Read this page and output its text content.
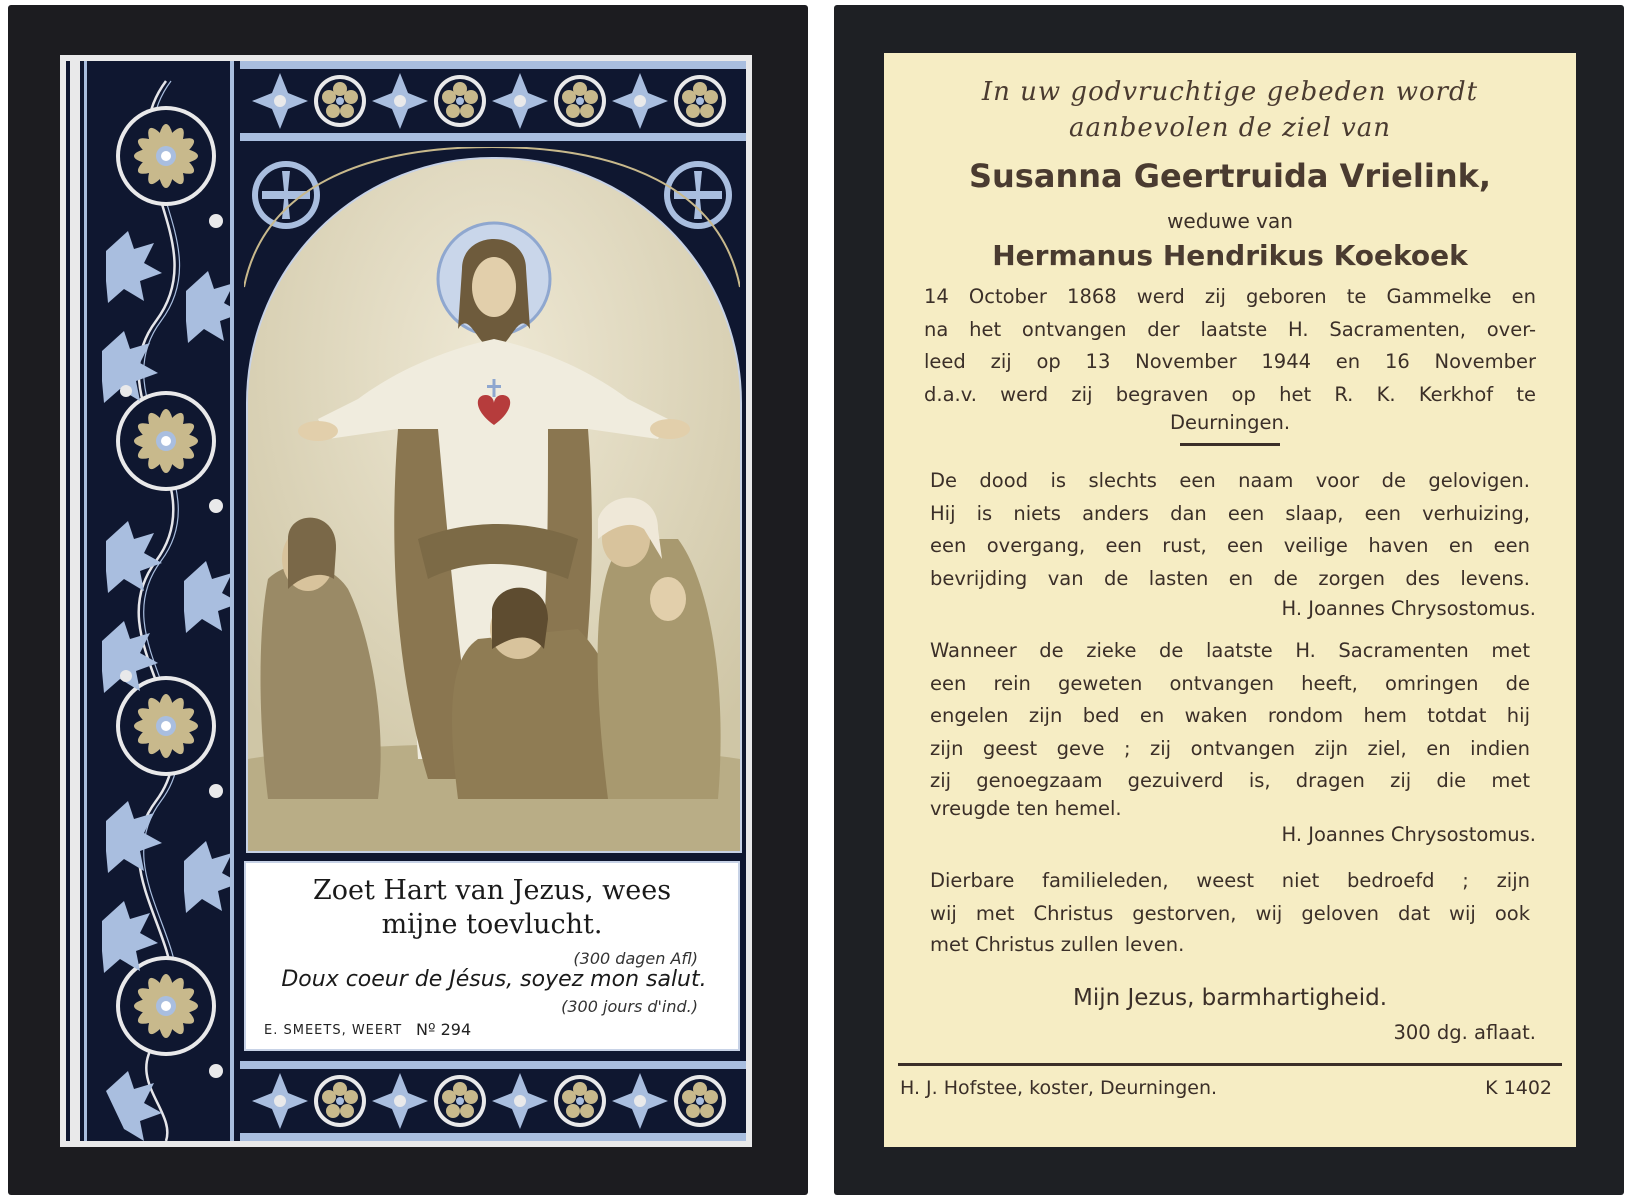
Zoet Hart van Jezus, wees
mijne toevlucht.
(300 dagen Afl)
Doux coeur de Jésus, soyez mon salut.
(300 jours d'ind.)
E. SMEETS, WEERT Nº 294
In uw godvruchtige gebeden wordt
aanbevolen de ziel van
Susanna Geertruida Vrielink,
weduwe van
Hermanus Hendrikus Koekoek
14 October 1868 werd zij geboren te Gammelke en
na het ontvangen der laatste H. Sacramenten, over-
leed zij op 13 November 1944 en 16 November
d.a.v. werd zij begraven op het R. K. Kerkhof te
Deurningen.
De dood is slechts een naam voor de gelovigen.
Hij is niets anders dan een slaap, een verhuizing,
een overgang, een rust, een veilige haven en een
bevrijding van de lasten en de zorgen des levens.
H. Joannes Chrysostomus.
Wanneer de zieke de laatste H. Sacramenten met
een rein geweten ontvangen heeft, omringen de
engelen zijn bed en waken rondom hem totdat hij
zijn geest geve ; zij ontvangen zijn ziel, en indien
zij genoegzaam gezuiverd is, dragen zij die met
vreugde ten hemel.
H. Joannes Chrysostomus.
Dierbare familieleden, weest niet bedroefd ; zijn
wij met Christus gestorven, wij geloven dat wij ook
met Christus zullen leven.
Mijn Jezus, barmhartigheid.
300 dg. aflaat.
H. J. Hofstee, koster, Deurningen.	K 1402
